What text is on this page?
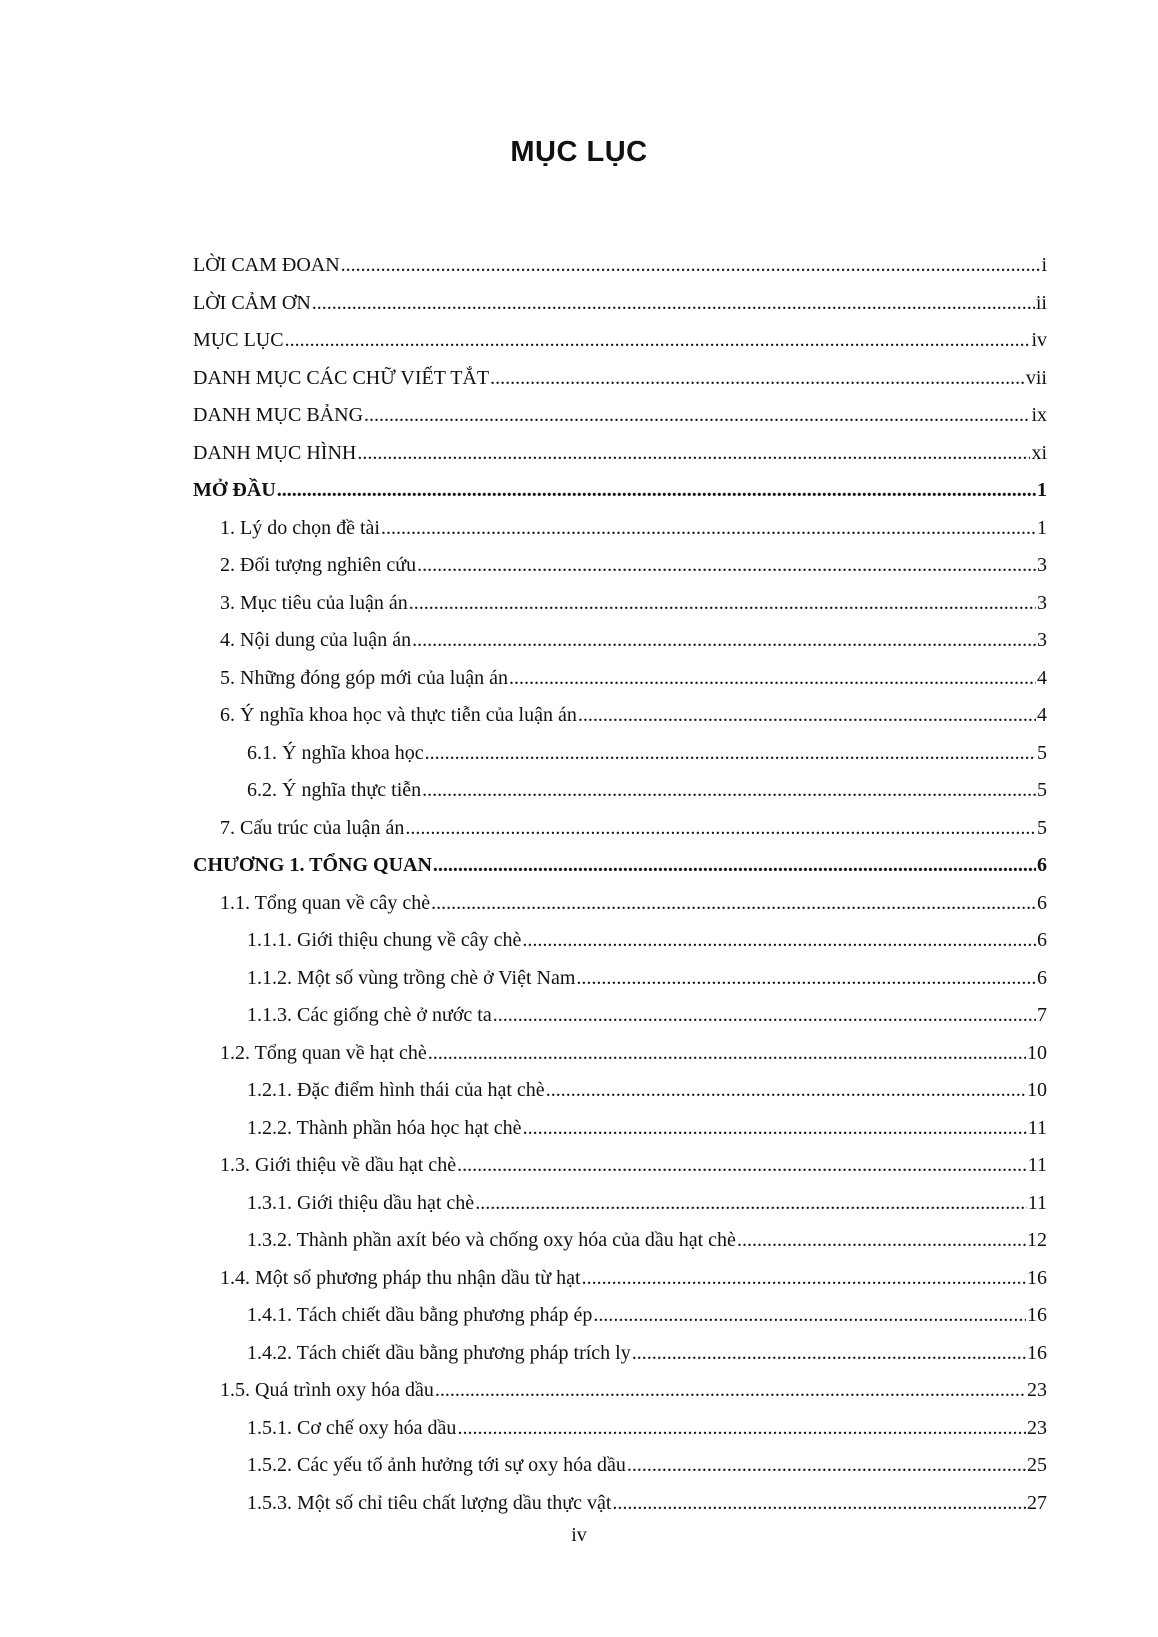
MỤC LỤC
LỜI CAM ĐOAN .....	i
LỜI CẢM ƠN .....	ii
MỤC LỤC .....	iv
DANH MỤC CÁC CHỮ VIẾT TẮT .....	vii
DANH MỤC BẢNG .....	ix
DANH MỤC HÌNH .....	xi
MỞ ĐẦU .....	1
1. Lý do chọn đề tài .....	1
2. Đối tượng nghiên cứu .....	3
3. Mục tiêu của luận án .....	3
4. Nội dung của luận án .....	3
5. Những đóng góp mới của luận án .....	4
6. Ý nghĩa khoa học và thực tiễn của luận án .....	4
6.1. Ý nghĩa khoa học .....	5
6.2. Ý nghĩa thực tiễn .....	5
7. Cấu trúc của luận án .....	5
CHƯƠNG 1. TỔNG QUAN .....	6
1.1. Tổng quan về cây chè .....	6
1.1.1. Giới thiệu chung về cây chè .....	6
1.1.2. Một số vùng trồng chè ở Việt Nam .....	6
1.1.3. Các giống chè ở nước ta .....	7
1.2. Tổng quan về hạt chè .....	10
1.2.1. Đặc điểm hình thái của hạt chè .....	10
1.2.2. Thành phần hóa học hạt chè .....	11
1.3. Giới thiệu về dầu hạt chè .....	11
1.3.1. Giới thiệu dầu hạt chè .....	11
1.3.2. Thành phần axít béo và chống oxy hóa của dầu hạt chè .....	12
1.4. Một số phương pháp thu nhận dầu từ hạt .....	16
1.4.1. Tách chiết dầu bằng phương pháp ép .....	16
1.4.2. Tách chiết dầu bằng phương pháp trích ly .....	16
1.5. Quá trình oxy hóa dầu .....	23
1.5.1. Cơ chế oxy hóa dầu .....	23
1.5.2. Các yếu tố ảnh hưởng tới sự oxy hóa dầu .....	25
1.5.3. Một số chỉ tiêu chất lượng dầu thực vật .....	27
iv
